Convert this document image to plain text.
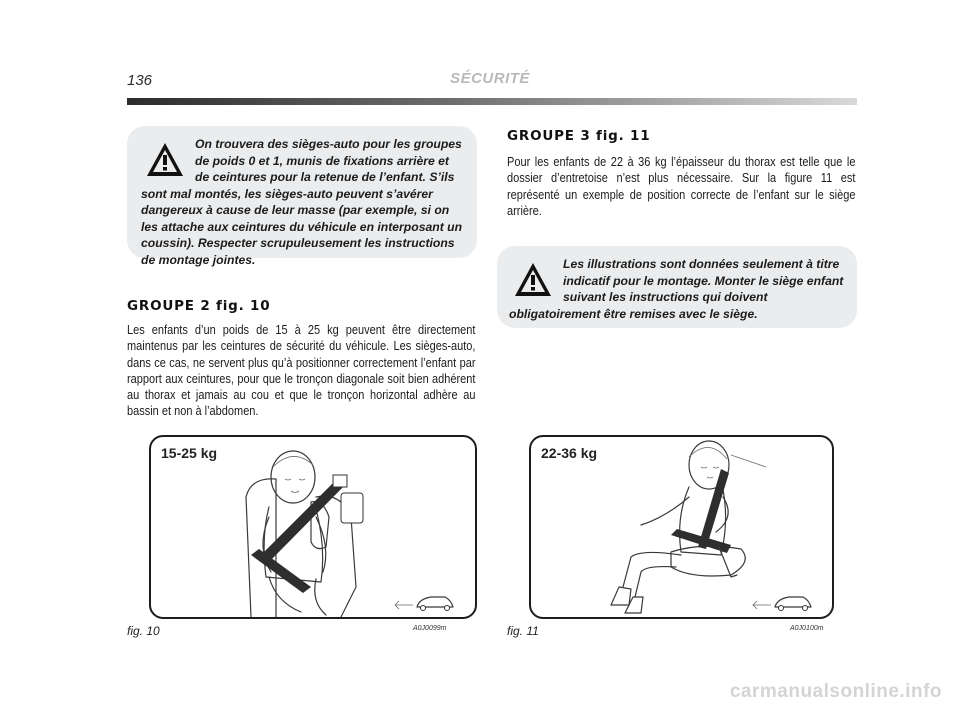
136	SÉCURITÉ
On trouvera des sièges-auto pour les groupes de poids 0 et 1, munis de fixations arrière et de ceintures pour la retenue de l’enfant. S’ils sont mal montés, les sièges-auto peuvent s’avérer dangereux à cause de leur masse (par exemple, si on les attache aux ceintures du véhicule en interposant un coussin). Respecter scrupuleusement les instructions de montage jointes.
GROUPE 2 fig. 10
Les enfants d’un poids de 15 à 25 kg peuvent être directement maintenus par les ceintures de sécurité du véhicule. Les sièges-auto, dans ce cas, ne servent plus qu’à positionner correctement l’enfant par rapport aux ceintures, pour que le tronçon diagonale soit bien adhérent au thorax et jamais au cou et que le tronçon horizontal adhère au bassin et non à l’abdomen.
GROUPE 3 fig. 11
Pour les enfants de 22 à 36 kg l’épaisseur du thorax est telle que le dossier d’entretoise n’est plus nécessaire. Sur la figure 11 est représenté un exemple de position correcte de l’enfant sur le siège arrière.
Les illustrations sont données seulement à titre indicatif pour le montage. Monter le siège enfant suivant les instructions qui doivent obligatoirement être remises avec le siège.
15-25 kg
fig. 10	A0J0099m
22-36 kg
fig. 11	A0J0100m
carmanualsonline.info
